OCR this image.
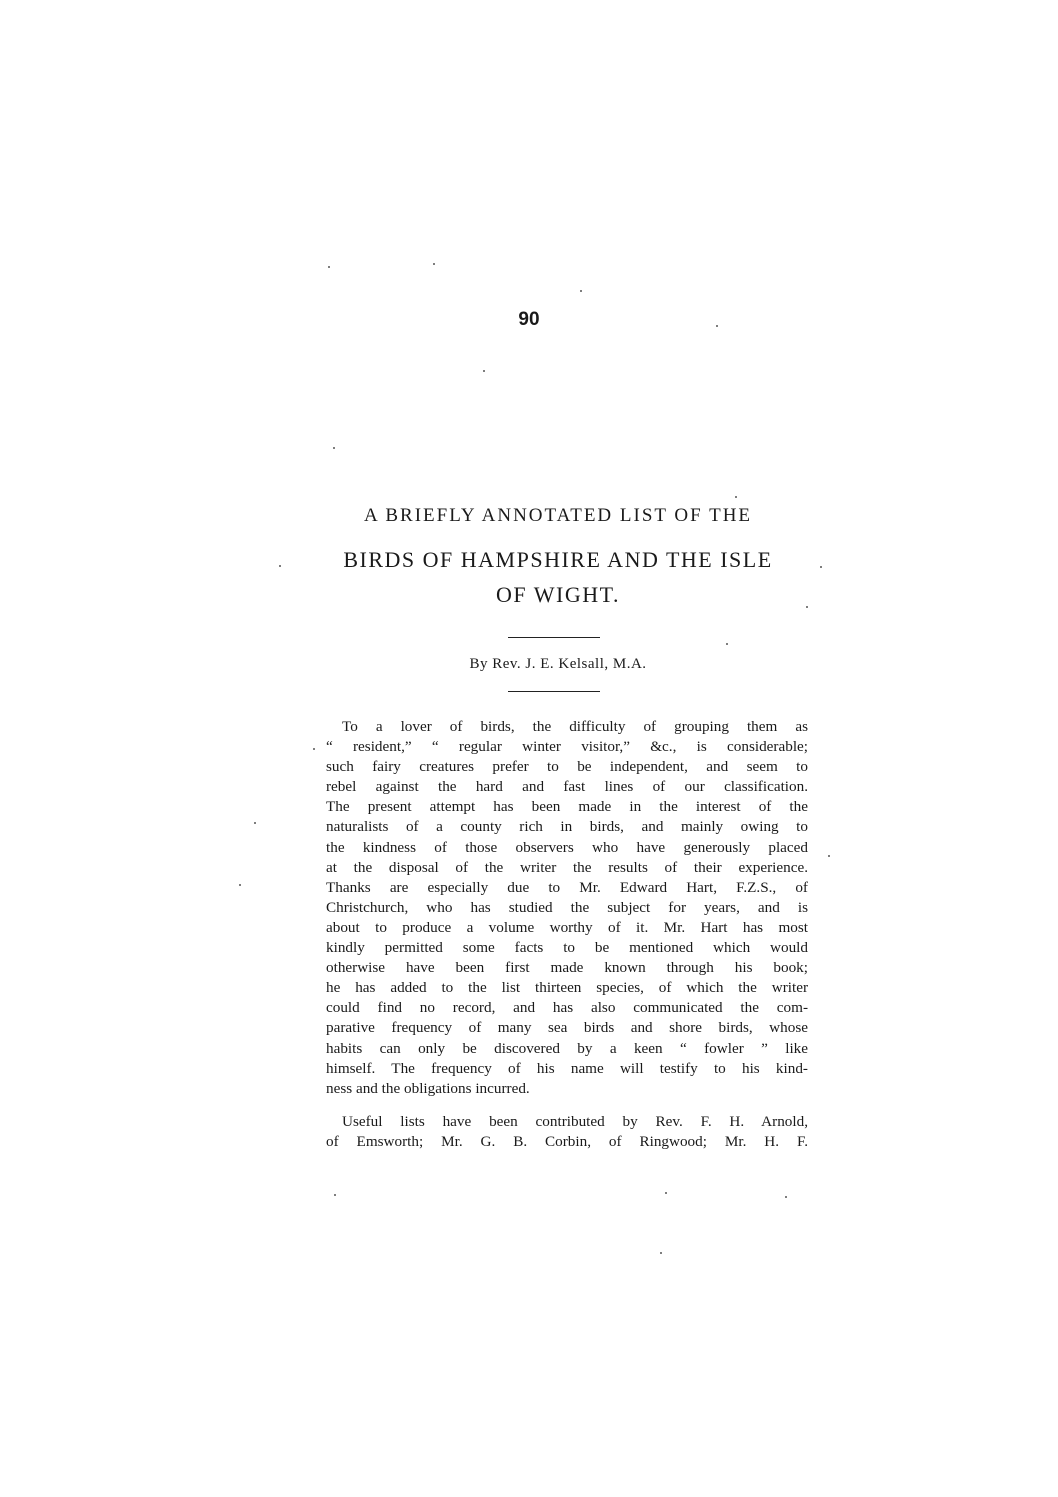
90
A BRIEFLY ANNOTATED LIST OF THE
BIRDS OF HAMPSHIRE AND THE ISLE
OF WIGHT.
By Rev. J. E. Kelsall, M.A.
To a lover of birds, the difficulty of grouping them as
“ resident,” “ regular winter visitor,” &c., is considerable;
such fairy creatures prefer to be independent, and seem to
rebel against the hard and fast lines of our classification.
The present attempt has been made in the interest of the
naturalists of a county rich in birds, and mainly owing to
the kindness of those observers who have generously placed
at the disposal of the writer the results of their experience.
Thanks are especially due to Mr. Edward Hart, F.Z.S., of
Christchurch, who has studied the subject for years, and is
about to produce a volume worthy of it. Mr. Hart has most
kindly permitted some facts to be mentioned which would
otherwise have been first made known through his book;
he has added to the list thirteen species, of which the writer
could find no record, and has also communicated the com-
parative frequency of many sea birds and shore birds, whose
habits can only be discovered by a keen “ fowler ” like
himself. The frequency of his name will testify to his kind-
ness and the obligations incurred.
Useful lists have been contributed by Rev. F. H. Arnold,
of Emsworth; Mr. G. B. Corbin, of Ringwood; Mr. H. F.
